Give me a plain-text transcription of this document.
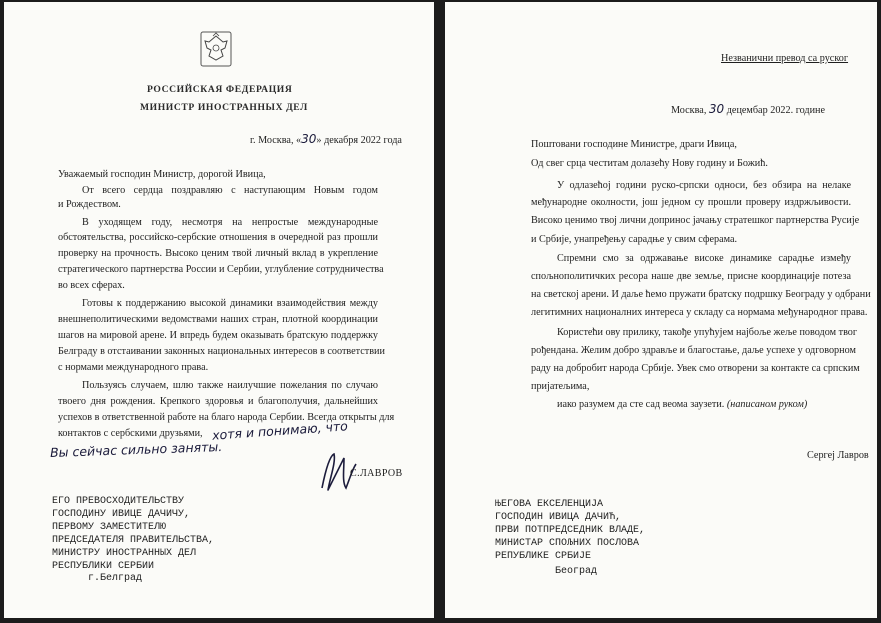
РОССИЙСКАЯ ФЕДЕРАЦИЯ
МИНИСТР ИНОСТРАННЫХ ДЕЛ
г. Москва, «30» декабря 2022 года
Уважаемый господин Министр, дорогой Ивица,
От всего сердца поздравляю с наступающим Новым годом
и Рождеством.
В уходящем году, несмотря на непростые международные
обстоятельства, российско-сербские отношения в очередной раз прошли
проверку на прочность. Высоко ценим твой личный вклад в укрепление
стратегического партнерства России и Сербии, углубление сотрудничества
во всех сферах.
Готовы к поддержанию высокой динамики взаимодействия между
внешнеполитическими ведомствами наших стран, плотной координации
шагов на мировой арене. И впредь будем оказывать братскую поддержку
Белграду в отстаивании законных национальных интересов в соответствии
с нормами международного права.
Пользуясь случаем, шлю также наилучшие пожелания по случаю
твоего дня рождения. Крепкого здоровья и благополучия, дальнейших
успехов в ответственной работе на благо народа Сербии. Всегда открыты для
контактов с сербскими друзьями, хотя и понимаю, что
Вы сейчас сильно заняты.
С.ЛАВРОВ
ЕГО ПРЕВОСХОДИТЕЛЬСТВУ
ГОСПОДИНУ ИВИЦЕ ДАЧИЧУ,
ПЕРВОМУ ЗАМЕСТИТЕЛЮ
ПРЕДСЕДАТЕЛЯ ПРАВИТЕЛЬСТВА,
МИНИСТРУ ИНОСТРАННЫХ ДЕЛ
РЕСПУБЛИКИ СЕРБИИ
г.Белград
Незванични превод са руског
Москва, 30 децембар 2022. године
Поштовани господине Министре, драги Ивица,
Од свег срца честитам долазећу Нову годину и Божић.
У одлазећој години руско-српски односи, без обзира на нелаке
међународне околности, још једном су прошли проверу издржљивости.
Високо ценимо твој лични допринос јачању стратешког партнерства Русије
и Србије, унапређењу сарадње у свим сферама.
Спремни смо за одржавање високе динамике сарадње између
спољнополитичких ресора наше две земље, присне координације потеза
на светској арени. И даље ћемо пружати братску подршку Београду у одбрани
легитимних националних интереса у складу са нормама међународног права.
Користећи ову прилику, такође упућујем најбоље жеље поводом твог
рођендана. Желим добро здравље и благостање, даље успехе у одговорном
раду на добробит народа Србије. Увек смо отворени за контакте са српским
пријатељима,
иако разумем да сте сад веома заузети. (написаном руком)
Сергеј Лавров
ЊЕГОВА ЕКСЕЛЕНЦИЈА
ГОСПОДИН ИВИЦА ДАЧИЋ,
ПРВИ ПОТПРЕДСЕДНИК ВЛАДЕ,
МИНИСТАР СПОЉНИХ ПОСЛОВА
РЕПУБЛИКЕ СРБИЈЕ
Београд
